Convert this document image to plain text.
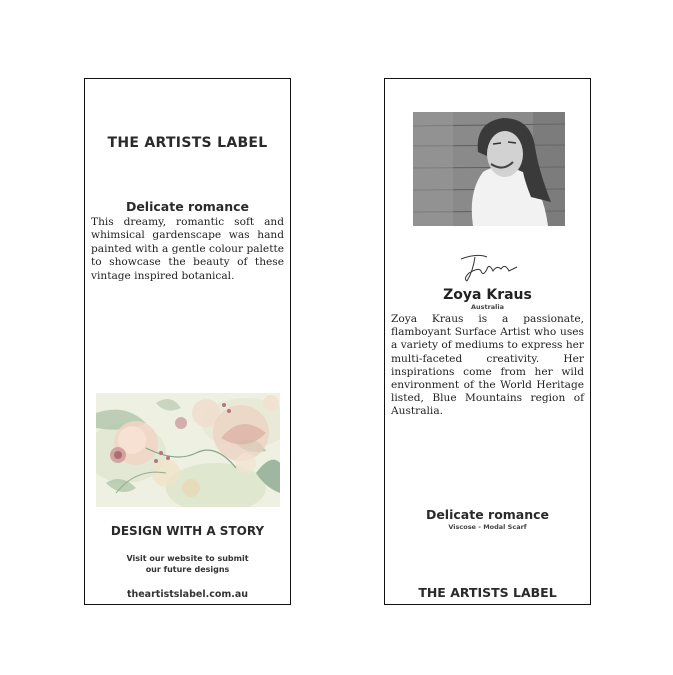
THE ARTISTS LABEL
Delicate romance
This dreamy, romantic soft and whimsical gardenscape was hand painted with a gentle colour palette to showcase the beauty of these vintage inspired botanical.
DESIGN WITH A STORY
Visit our website to submit
our future designs
theartistslabel.com.au
Zoya Kraus
Australia
Zoya Kraus is a passionate, flamboyant Surface Artist who uses a variety of mediums to express her multi-faceted creativity. Her inspirations come from her wild environment of the World Heritage listed, Blue Mountains region of Australia.
Delicate romance
Viscose - Modal Scarf
THE ARTISTS LABEL
